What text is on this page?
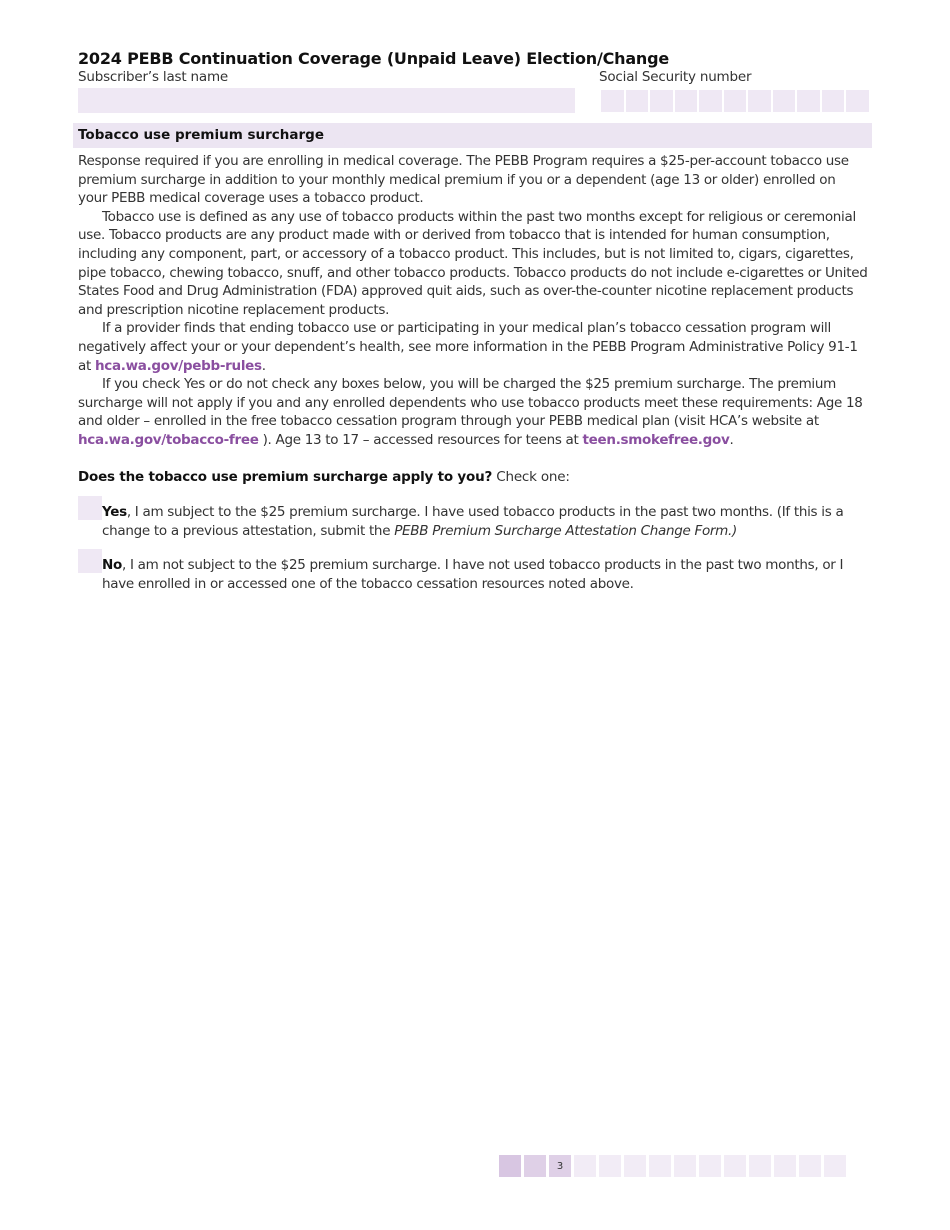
2024 PEBB Continuation Coverage (Unpaid Leave) Election/Change
Subscriber’s last name	Social Security number
Tobacco use premium surcharge

Response required if you are enrolling in medical coverage. The PEBB Program requires a $25-per-account tobacco use premium surcharge in addition to your monthly medical premium if you or a dependent (age 13 or older) enrolled on your PEBB medical coverage uses a tobacco product.

Tobacco use is defined as any use of tobacco products within the past two months except for religious or ceremonial use. Tobacco products are any product made with or derived from tobacco that is intended for human consumption, including any component, part, or accessory of a tobacco product. This includes, but is not limited to, cigars, cigarettes, pipe tobacco, chewing tobacco, snuff, and other tobacco products. Tobacco products do not include e-cigarettes or United States Food and Drug Administration (FDA) approved quit aids, such as over-the-counter nicotine replacement products and prescription nicotine replacement products.

If a provider finds that ending tobacco use or participating in your medical plan’s tobacco cessation program will negatively affect your or your dependent’s health, see more information in the PEBB Program Administrative Policy 91-1 at hca.wa.gov/pebb-rules.

If you check Yes or do not check any boxes below, you will be charged the $25 premium surcharge. The premium surcharge will not apply if you and any enrolled dependents who use tobacco products meet these requirements: Age 18 and older – enrolled in the free tobacco cessation program through your PEBB medical plan (visit HCA’s website at hca.wa.gov/tobacco-free ). Age 13 to 17 – accessed resources for teens at teen.smokefree.gov.

Does the tobacco use premium surcharge apply to you? Check one:
Yes, I am subject to the $25 premium surcharge. I have used tobacco products in the past two months. (If this is a change to a previous attestation, submit the PEBB Premium Surcharge Attestation Change Form.)
No, I am not subject to the $25 premium surcharge. I have not used tobacco products in the past two months, or I have enrolled in or accessed one of the tobacco cessation resources noted above.
3
